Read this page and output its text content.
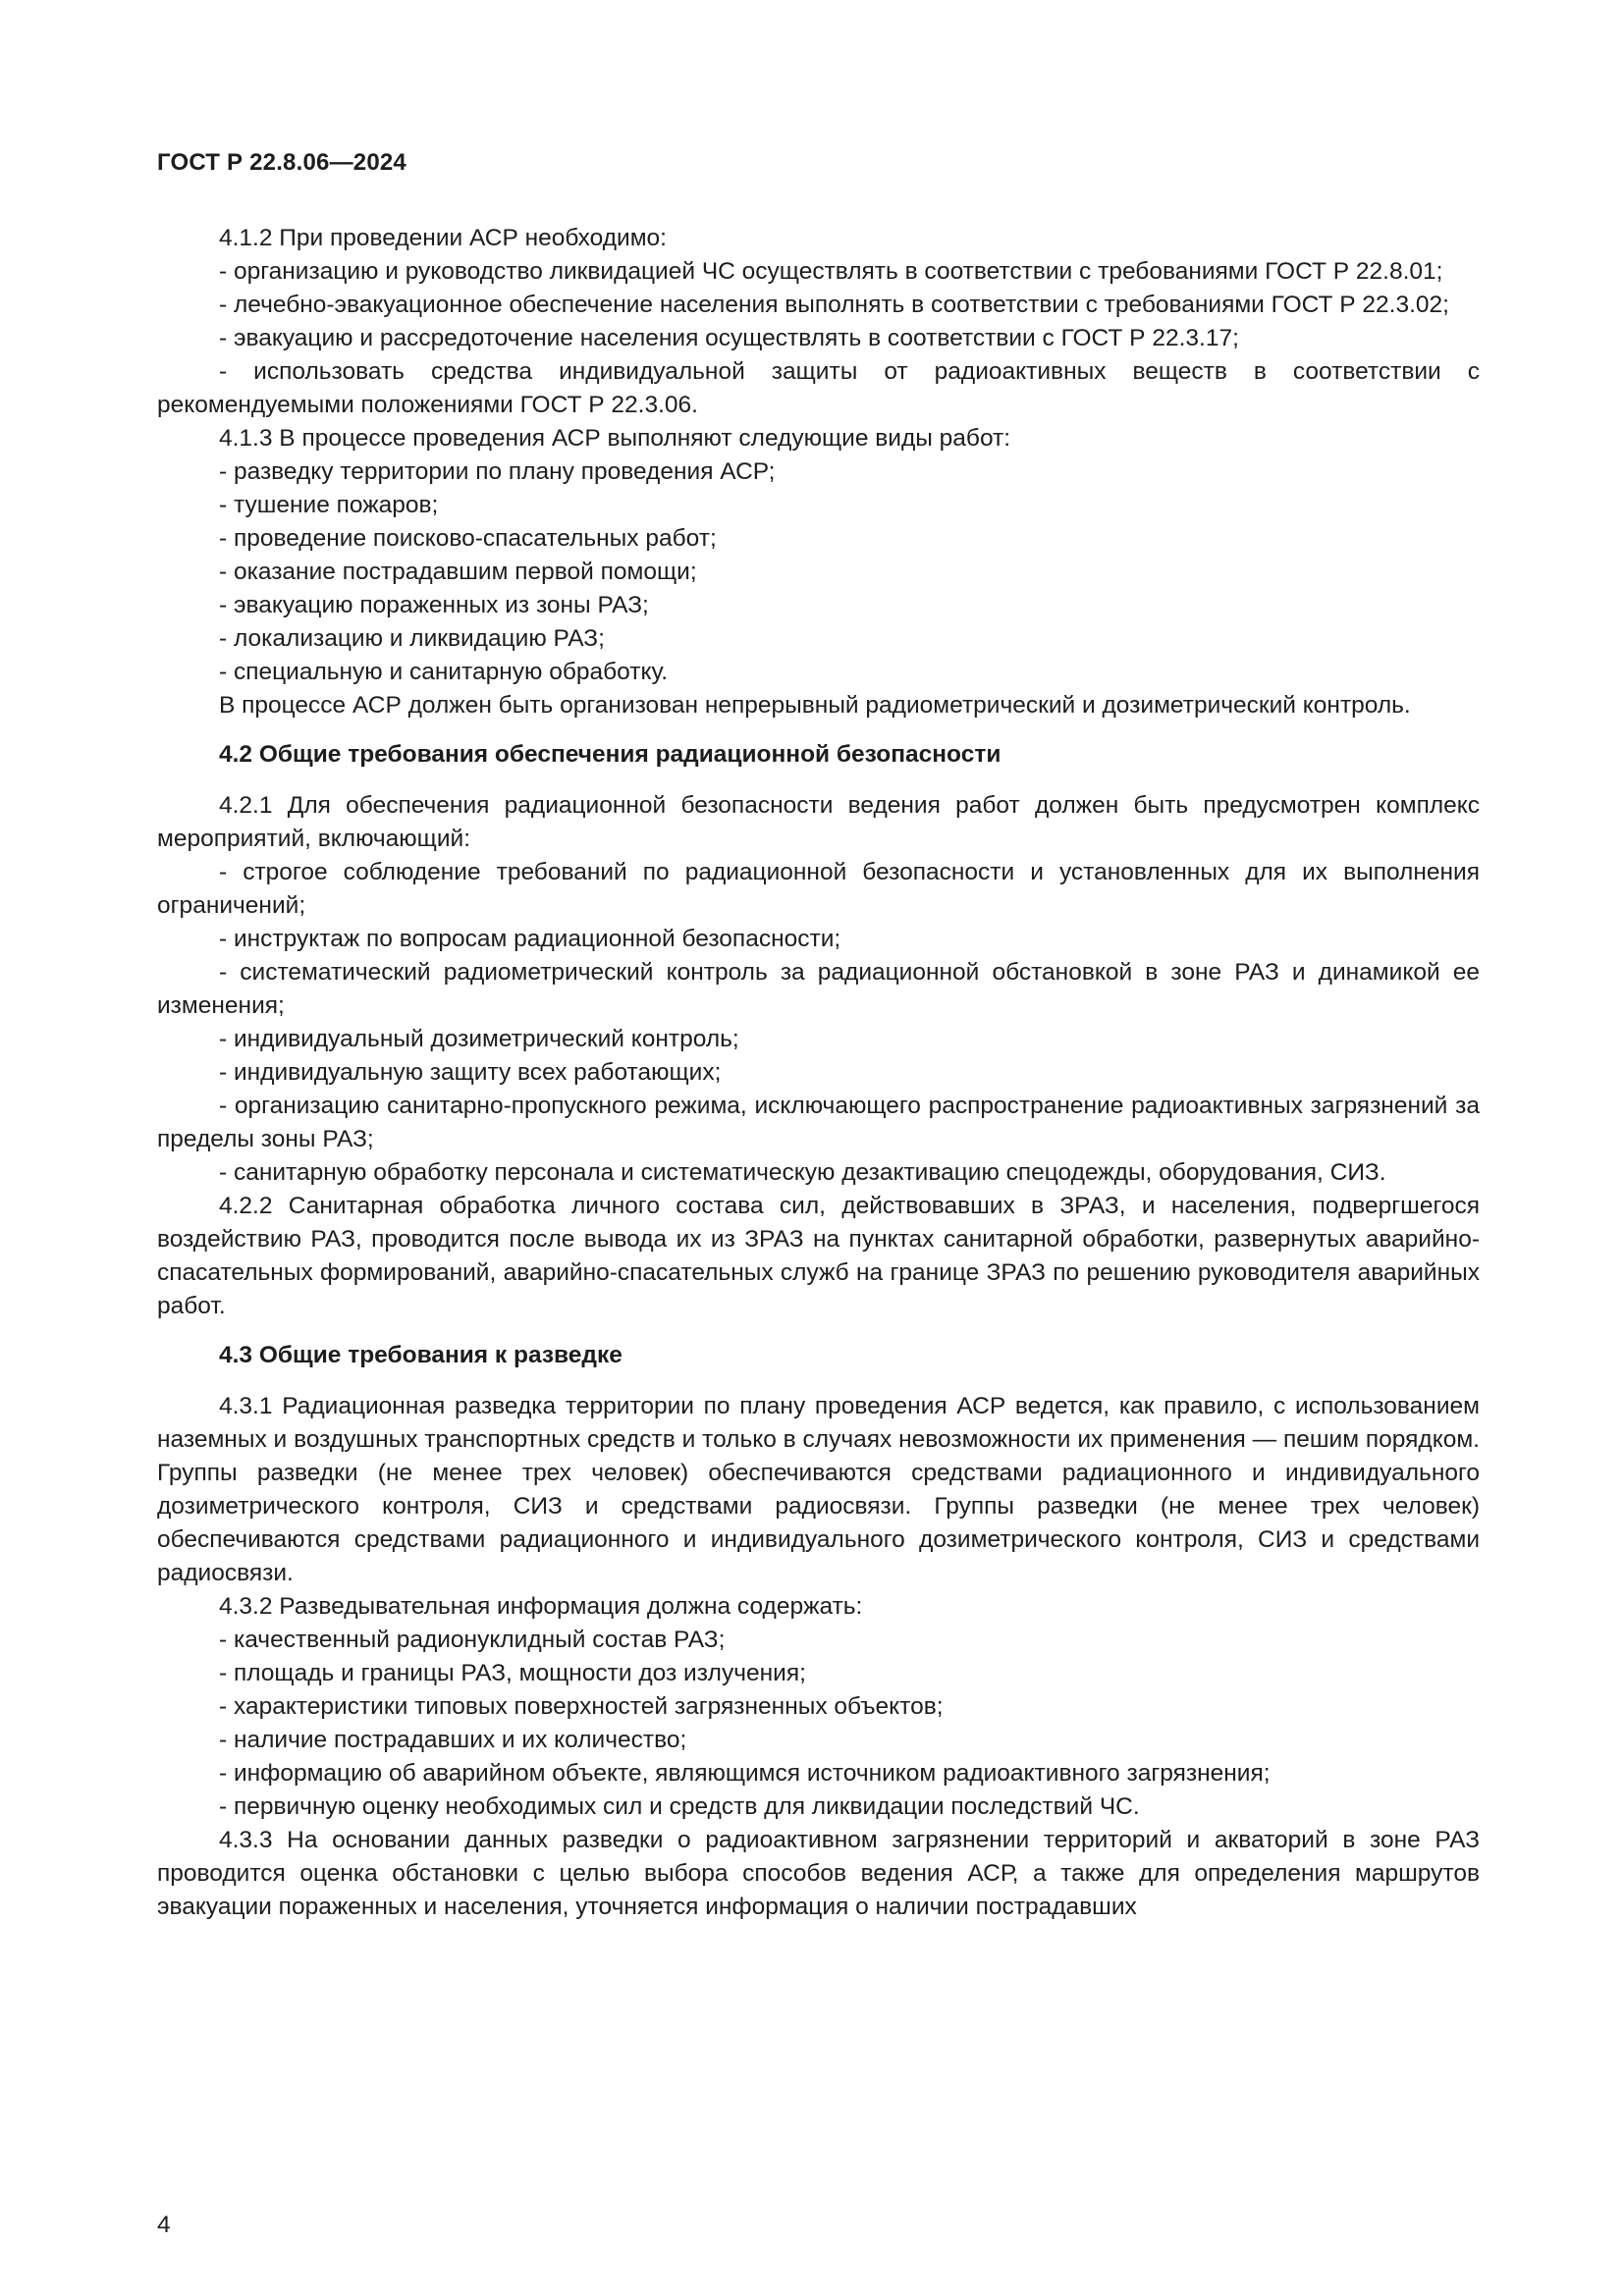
ГОСТ Р 22.8.06—2024

4.1.2 При проведении АСР необходимо:

- организацию и руководство ликвидацией ЧС осуществлять в соответствии с требованиями ГОСТ Р 22.8.01;

- лечебно-эвакуационное обеспечение населения выполнять в соответствии с требованиями ГОСТ Р 22.3.02;

- эвакуацию и рассредоточение населения осуществлять в соответствии с ГОСТ Р 22.3.17;

- использовать средства индивидуальной защиты от радиоактивных веществ в соответствии с рекомендуемыми положениями ГОСТ Р 22.3.06.

4.1.3 В процессе проведения АСР выполняют следующие виды работ:

- разведку территории по плану проведения АСР;

- тушение пожаров;

- проведение поисково-спасательных работ;

- оказание пострадавшим первой помощи;

- эвакуацию пораженных из зоны РАЗ;

- локализацию и ликвидацию РАЗ;

- специальную и санитарную обработку.

В процессе АСР должен быть организован непрерывный радиометрический и дозиметрический контроль.

4.2 Общие требования обеспечения радиационной безопасности

4.2.1 Для обеспечения радиационной безопасности ведения работ должен быть предусмотрен комплекс мероприятий, включающий:

- строгое соблюдение требований по радиационной безопасности и установленных для их выполнения ограничений;

- инструктаж по вопросам радиационной безопасности;

- систематический радиометрический контроль за радиационной обстановкой в зоне РАЗ и динамикой ее изменения;

- индивидуальный дозиметрический контроль;

- индивидуальную защиту всех работающих;

- организацию санитарно-пропускного режима, исключающего распространение радиоактивных загрязнений за пределы зоны РАЗ;

- санитарную обработку персонала и систематическую дезактивацию спецодежды, оборудования, СИЗ.

4.2.2 Санитарная обработка личного состава сил, действовавших в ЗРАЗ, и населения, подвергшегося воздействию РАЗ, проводится после вывода их из ЗРАЗ на пунктах санитарной обработки, развернутых аварийно-спасательных формирований, аварийно-спасательных служб на границе ЗРАЗ по решению руководителя аварийных работ.

4.3 Общие требования к разведке

4.3.1 Радиационная разведка территории по плану проведения АСР ведется, как правило, с использованием наземных и воздушных транспортных средств и только в случаях невозможности их применения — пешим порядком. Группы разведки (не менее трех человек) обеспечиваются средствами радиационного и индивидуального дозиметрического контроля, СИЗ и средствами радиосвязи. Группы разведки (не менее трех человек) обеспечиваются средствами радиационного и индивидуального дозиметрического контроля, СИЗ и средствами радиосвязи.

4.3.2 Разведывательная информация должна содержать:

- качественный радионуклидный состав РАЗ;

- площадь и границы РАЗ, мощности доз излучения;

- характеристики типовых поверхностей загрязненных объектов;

- наличие пострадавших и их количество;

- информацию об аварийном объекте, являющимся источником радиоактивного загрязнения;

- первичную оценку необходимых сил и средств для ликвидации последствий ЧС.

4.3.3 На основании данных разведки о радиоактивном загрязнении территорий и акваторий в зоне РАЗ проводится оценка обстановки с целью выбора способов ведения АСР, а также для определения маршрутов эвакуации пораженных и населения, уточняется информация о наличии пострадавших

4
